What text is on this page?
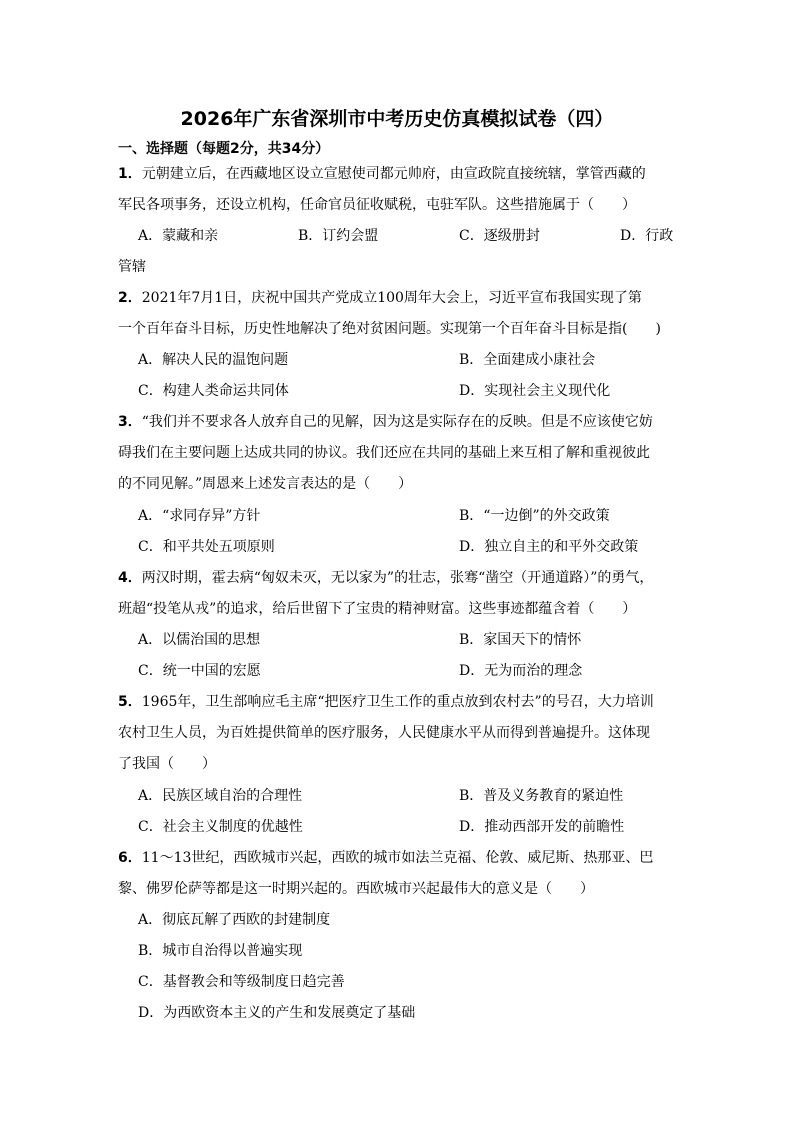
2026年广东省深圳市中考历史仿真模拟试卷（四）
一、选择题（每题2分，共34分）
1．元朝建立后，在西藏地区设立宣慰使司都元帅府，由宣政院直接统辖，掌管西藏的
军民各项事务，还设立机构，任命官员征收赋税，屯驻军队。这些措施属于（　　）
A．蒙藏和亲	B．订约会盟	C．逐级册封	D．行政
管辖
2．2021年7月1日，庆祝中国共产党成立100周年大会上，习近平宣布我国实现了第
一个百年奋斗目标，历史性地解决了绝对贫困问题。实现第一个百年奋斗目标是指(　　)
A．解决人民的温饱问题	B．全面建成小康社会
C．构建人类命运共同体	D．实现社会主义现代化
3．“我们并不要求各人放弃自己的见解，因为这是实际存在的反映。但是不应该使它妨
碍我们在主要问题上达成共同的协议。我们还应在共同的基础上来互相了解和重视彼此
的不同见解。”周恩来上述发言表达的是（　　）
A．“求同存异”方针	B．“一边倒”的外交政策
C．和平共处五项原则	D．独立自主的和平外交政策
4．两汉时期，霍去病“匈奴未灭，无以家为”的壮志，张骞“凿空（开通道路）”的勇气，
班超“投笔从戎”的追求，给后世留下了宝贵的精神财富。这些事迹都蕴含着（　　）
A．以儒治国的思想	B．家国天下的情怀
C．统一中国的宏愿	D．无为而治的理念
5．1965年，卫生部响应毛主席“把医疗卫生工作的重点放到农村去”的号召，大力培训
农村卫生人员，为百姓提供简单的医疗服务，人民健康水平从而得到普遍提升。这体现
了我国（　　）
A．民族区域自治的合理性	B．普及义务教育的紧迫性
C．社会主义制度的优越性	D．推动西部开发的前瞻性
6．11～13世纪，西欧城市兴起，西欧的城市如法兰克福、伦敦、威尼斯、热那亚、巴
黎、佛罗伦萨等都是这一时期兴起的。西欧城市兴起最伟大的意义是（　　）
A．彻底瓦解了西欧的封建制度
B．城市自治得以普遍实现
C．基督教会和等级制度日趋完善
D．为西欧资本主义的产生和发展奠定了基础
